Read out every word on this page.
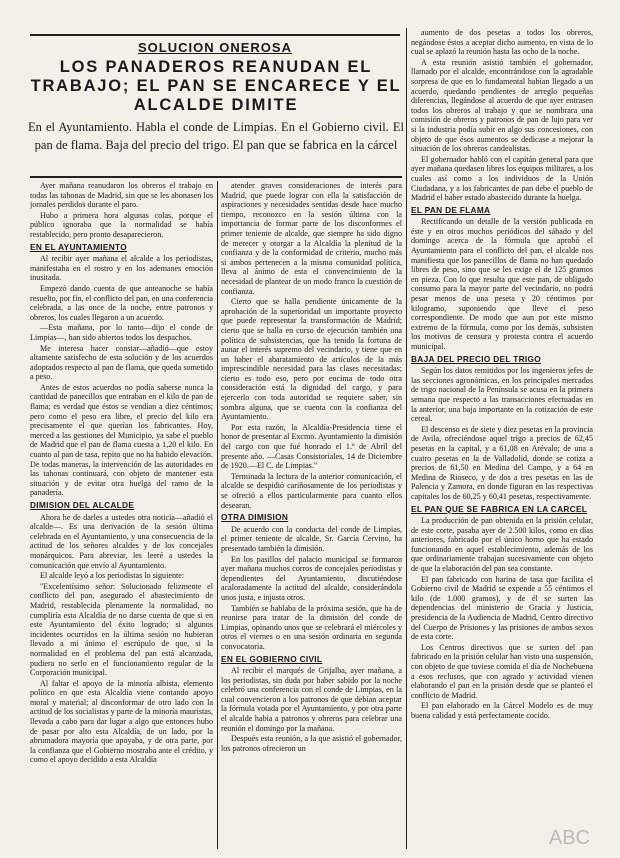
SOLUCION ONEROSA
LOS PANADEROS REANUDAN EL TRABAJO; EL PAN SE ENCARECE Y EL ALCALDE DIMITE
En el Ayuntamiento. Habla el conde de Limpias. En el Gobierno civil. El pan de flama. Baja del precio del trigo. El pan que se fabrica en la cárcel

Ayer mañana reanudaron los obreros el trabajo en todas las tahonas de Madrid, sin que se les abonasen los jornales perdidos durante el paro.

Hubo a primera hora algunas colas, porque el público ignoraba que la normalidad se había restablecido, pero pronto desaparecieron.

EN EL AYUNTAMIENTO

Al recibir ayer mañana el alcalde a los periodistas, manifestaba en el rostro y en los ademanes emoción inusitada.

Empezó dando cuenta de que anteanoche se había resuelto, por fin, el conflicto del pan, en una conferencia celebrada, a las once de la noche, entre patronos y obreros, los cuales llegaron a un acuerdo.

—Esta mañana, por lo tanto—dijo el conde de Limpias—, han sido abiertos todos los despachos.

Me interesa hacer constar—añadió—que estoy altamente satisfecho de esta solución y de los acuerdos adoptados respecto al pan de flama, que queda sometido a peso.

Antes de estos acuerdos no podía saberse nunca la cantidad de panecillos que entraban en el kilo de pan de flama; es verdad que éstos se vendían a diez céntimos; pero como el peso era libre, el precio del kilo era precisamente el que querían los fabricantes. Hoy, merced a las gestiones del Municipio, ya sabe el pueblo de Madrid que el pan de flama cuesta a 1,20 el kilo. En cuanto al pan de tasa, repito que no ha habido elevación. De todas maneras, la intervención de las autoridades en las tahonas continuará, con objeto de mantener esta situación y de evitar otra huelga del ramo de la panadería.

DIMISION DEL ALCALDE

Ahora he de darles a ustedes otra noticia—añadió el alcalde—. Es una derivación de la sesión última celebrada en el Ayuntamiento, y una consecuencia de la actitud de los señores alcaldes y de los concejales monárquicos. Para abreviar, les leeré a ustedes la comunicación que envío al Ayuntamiento.

El alcalde leyó a los periodistas lo siguiente:

"Excelentísimo señor: Solucionado felizmente el conflicto del pan, asegurado el abastecimiento de Madrid, restablecida plenamente la normalidad, no cumpliría esta Alcaldía de no darse cuenta de que si en este Ayuntamiento del éxito logrado; si algunos incidentes ocurridos en la última sesión no hubieran llevado a mi ánimo el escrúpulo de que, si la normalidad en el problema del pan está alcanzada, pudiera no serlo en el funcionamiento regular de la Corporación municipal.

Al faltar el apoyo de la minoría albista, elemento político en que esta Alcaldía viene contando apoyo moral y material; al disconformar de otro lado con la actitud de los socialistas y parte de la minoría mauristas, llevada a cabo para dar lugar a algo que entonces hubo de pasar por alto esta Alcaldía, de un lado, por la abrumadora mayoría que apoyaba, y de otra parte, por la confianza que el Gobierno mostraba ante el crédito, y como el apoyo decidido a esta Alcaldía

atender graves consideraciones de interés para Madrid, que puede lograr con ella la satisfacción de aspiraciones y necesidades sentidas desde hace mucho tiempo, reconozco en la sesión última con la importancia de formar parte de los disconformes el primer teniente de alcalde, que siempre ha sido digno de merecer y otorgar a la Alcaldía la plenitud de la confianza y de la conformidad de criterio, mucho más si ambos pertenecen a la misma comunidad política, lleva al ánimo de esta el convencimiento de la necesidad de plantear de un modo franco la cuestión de confianza.

Cierto que se halla pendiente únicamente de la aprobación de la superioridad un importante proyecto que puede representar la transformación de Madrid; cierto que se halla en curso de ejecución también una política de subsistencias, que ha tenido la fortuna de aunar el interés supremo del vecindario, y tiene que en un haber el abaratamiento de artículos de la más imprescindible necesidad para las clases necesitadas; cierto es todo eso, pero por encima de todo otra consideración está la dignidad del cargo, y para ejercerlo con toda autoridad se requiere saber, sin sombra alguna, que se cuenta con la confianza del Ayuntamiento.

Por esta razón, la Alcaldía-Presidencia tiene el honor de presentar al Excmo. Ayuntamiento la dimisión del cargo con que fué honrado el 1.º de Abril del presente año. —Casas Consistoriales, 14 de Diciembre de 1920.—El C. de Limpias."

Terminada la lectura de la anterior comunicación, el alcalde se despidió cariñosamente de los periodistas y se ofreció a ellos particularmente para cuanto ellos desearan.

OTRA DIMISION

De acuerdo con la conducta del conde de Limpias, el primer teniente de alcalde, Sr. García Cervino, ha presentado también la dimisión.

En los pasillos del palacio municipal se formaron ayer mañana muchos corros de concejales periodistas y dependientes del Ayuntamiento, discutiéndose acaloradamente la actitud del alcalde, considerándola unos justa, e injusta otros.

También se hablaba de la próxima sesión, que ha de reunirse para tratar de la dimisión del conde de Limpias, opinando unos que se celebrará el miércoles y otros el viernes o en una sesión ordinaria en segunda convocatoria.

EN EL GOBIERNO CIVIL

Al recibir el marqués de Grijalba, ayer mañana, a los periodistas, sin duda por haber sabido por la noche celebró una conferencia con el conde de Limpias, en la cual convencieron a los patronos de que debían aceptar la fórmula votada por el Ayuntamiento, y por otra parte el alcalde había a patronos y obreros para celebrar una reunión el domingo por la mañana.

Después esta reunión, a la que asistió el gobernador, los patronos ofrecieron un

aumento de dos pesetas a todos los obreros, negándose éstos a aceptar dicho aumento, en vista de lo cual se aplazó la reunión hasta las ocho de la noche.

A esta reunión asistió también el gobernador, llamado por el alcalde, encontrándose con la agradable sorpresa de que en lo fundamental habían llegado a un acuerdo, quedando pendientes de arreglo pequeñas diferencias, llegándose al acuerdo de que ayer entrasen todos los obreros al trabajo y que se nombrara una comisión de obreros y patronos de pan de lujo para ver si la industria podía subir en algo sus concesiones, con objeto de que ésos aumentos se dedicase a mejorar la situación de los obreros candealistas.

El gobernador habló con el capitán general para que ayer mañana quedasen libres los equipos militares, a los cuales así como a los individuos de la Unión Ciudadana, y a los fabricantes de pan debe el pueblo de Madrid el haber estado abastecido durante la huelga.

EL PAN DE FLAMA

Rectificando un detalle de la versión publicada en éste y en otros muchos periódicos del sábado y del domingo acerca de la fórmula que aprobó el Ayuntamiento para el conflicto del pan, el alcalde nos manifiesta que los panecillos de flama no han quedado libres de peso, sino que se les exige el de 125 gramos en pieza. Con lo que resulta que este pan, de obligado consumo para la mayor parte del vecindario, no podrá pesar menos de una peseta y 20 céntimos por kilogramo, suponiendo que lleve el peso correspondiente. De modo que aun por este mismo extremo de la fórmula, como por los demás, subsisten los motivos de censura y protesta contra el acuerdo municipal.

BAJA DEL PRECIO DEL TRIGO

Según los datos remitidos por los ingenieros jefes de las secciones agronómicas, en los principales mercados de trigo nacional de la Península se acusa en la primera semana que respecto a las transacciones efectuadas en la anterior, una baja importante en la cotización de este cereal.

El descenso es de siete y diez pesetas en la provincia de Avila, ofreciéndose aquel trigo a precios de 62,45 pesetas en la capital, y a 61,08 en Arévalo; de una a cuatro pesetas en la de Valladolid, donde se cotiza a precios de 61,50 en Medina del Campo, y a 64 en Medina de Rioseco, y de dos a tres pesetas en las de Palencia y Zamora, en donde figuran en las respectivas capitales los de 60,25 y 60,41 pesetas, respectivamente.

EL PAN QUE SE FABRICA EN LA CARCEL

La producción de pan obtenida en la prisión celular, de este corte, pasaba ayer de 2.500 kilos, como en días anteriores, fabricado por el único horno que ha estado funcionando en aquel establecimiento, además de los que ordinariamente trabajan sucesivamente con objeto de que la elaboración del pan sea constante.

El pan fabricado con harina de tasa que facilita el Gobierno civil de Madrid se expende a 55 céntimos el kilo (de 1.000 gramos), y de él se surten las dependencias del ministerio de Gracia y Justicia, presidencia de la Audiencia de Madrid, Centro directivo del Cuerpo de Prisiones y las prisiones de ambos sexos de esta corte.

Los Centros directivos que se surten del pan fabricado en la prisión celular han visto una suspensión, con objeto de que tuviese comida el día de Nochebuena a esos reclusos, que con agrado y actividad vienen elaborando el pan en la prisión desde que se planteó el conflicto de Madrid.

El pan elaborado en la Cárcel Modelo es de muy buena calidad y está perfectamente cocido.

ABC
